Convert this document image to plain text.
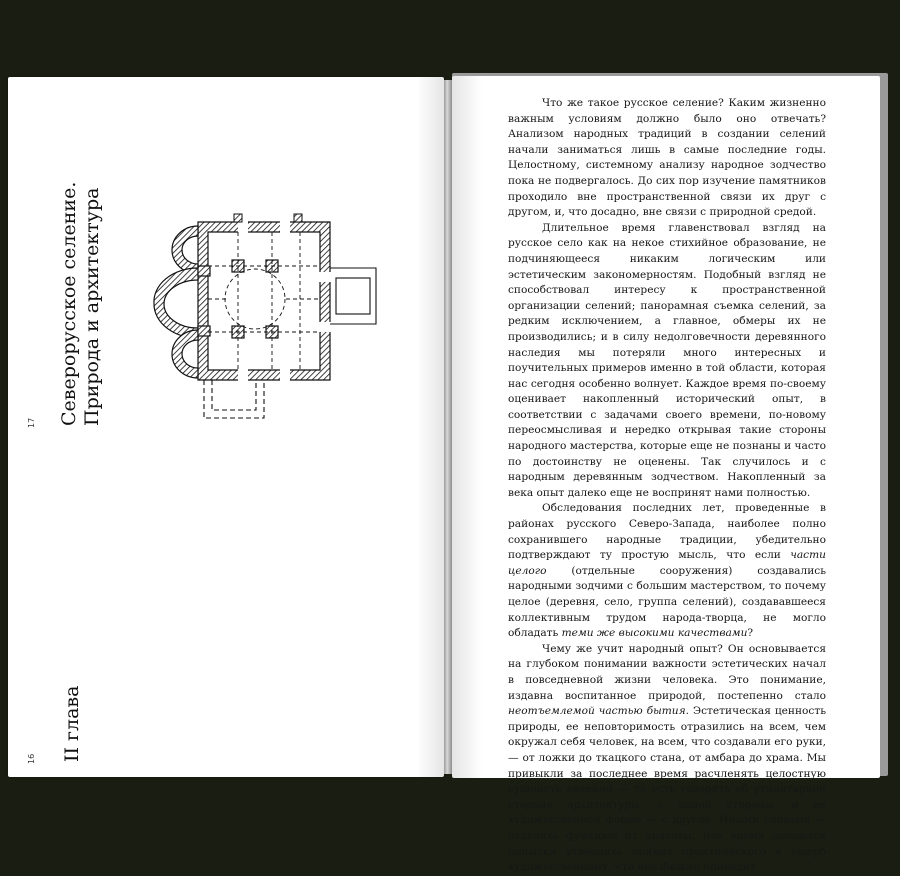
Северорусское селение. Природа и архитектура
II глава
17
16

Что же такое русское селение? Каким жизненно важным условиям должно было оно отвечать? Анализом народных традиций в создании селений начали заниматься лишь в самые последние годы. Целостному, системному анализу народное зодчество пока не подвергалось. До сих пор изучение памятников проходило вне пространственной связи их друг с другом, и, что досадно, вне связи с природной средой.

Длительное время главенствовал взгляд на русское село как на некое стихийное образование, не подчиняющееся никаким логическим или эстетическим закономерностям. Подобный взгляд не способствовал интересу к пространственной организации селений; панорамная съемка селений, за редким исключением, а главное, обмеры их не производились; и в силу недолговечности деревянного наследия мы потеряли много интересных и поучительных примеров именно в той области, которая нас сегодня особенно волнует. Каждое время по-своему оценивает накопленный исторический опыт, в соответствии с задачами своего времени, по-новому переосмысливая и нередко открывая такие стороны народного мастерства, которые еще не познаны и часто по достоинству не оценены. Так случилось и с народным деревянным зодчеством. Накопленный за века опыт далеко еще не воспринят нами полностью.

Обследования последних лет, проведенные в районах русского Северо-Запада, наиболее полно сохранившего народные традиции, убедительно подтверждают ту простую мысль, что если части целого (отдельные сооружения) создавались народными зодчими с большим мастерством, то почему целое (деревня, село, группа селений), создававшееся коллективным трудом народа-творца, не могло обладать теми же высокими качествами?

Чему же учит народный опыт? Он основывается на глубоком понимании важности эстетических начал в повседневной жизни человека. Это понимание, издавна воспитанное природой, постепенно стало неотъемлемой частью бытия. Эстетическая ценность природы, ее неповторимость отразились на всем, чем окружал себя человек, на всем, что создавали его руки, — от ложки до ткацкого стана, от амбара до храма. Мы привыкли за последнее время расчленять целостную сущность явлений — то есть говорить об утилитарной стороне архитектуры, с одной стороны, и ее художественной форме — с другой. Иными словами — отделять функцию от красоты. Все время делаются попытки утвердить примат практического в ущерб художественному, что неизбежно приводит
